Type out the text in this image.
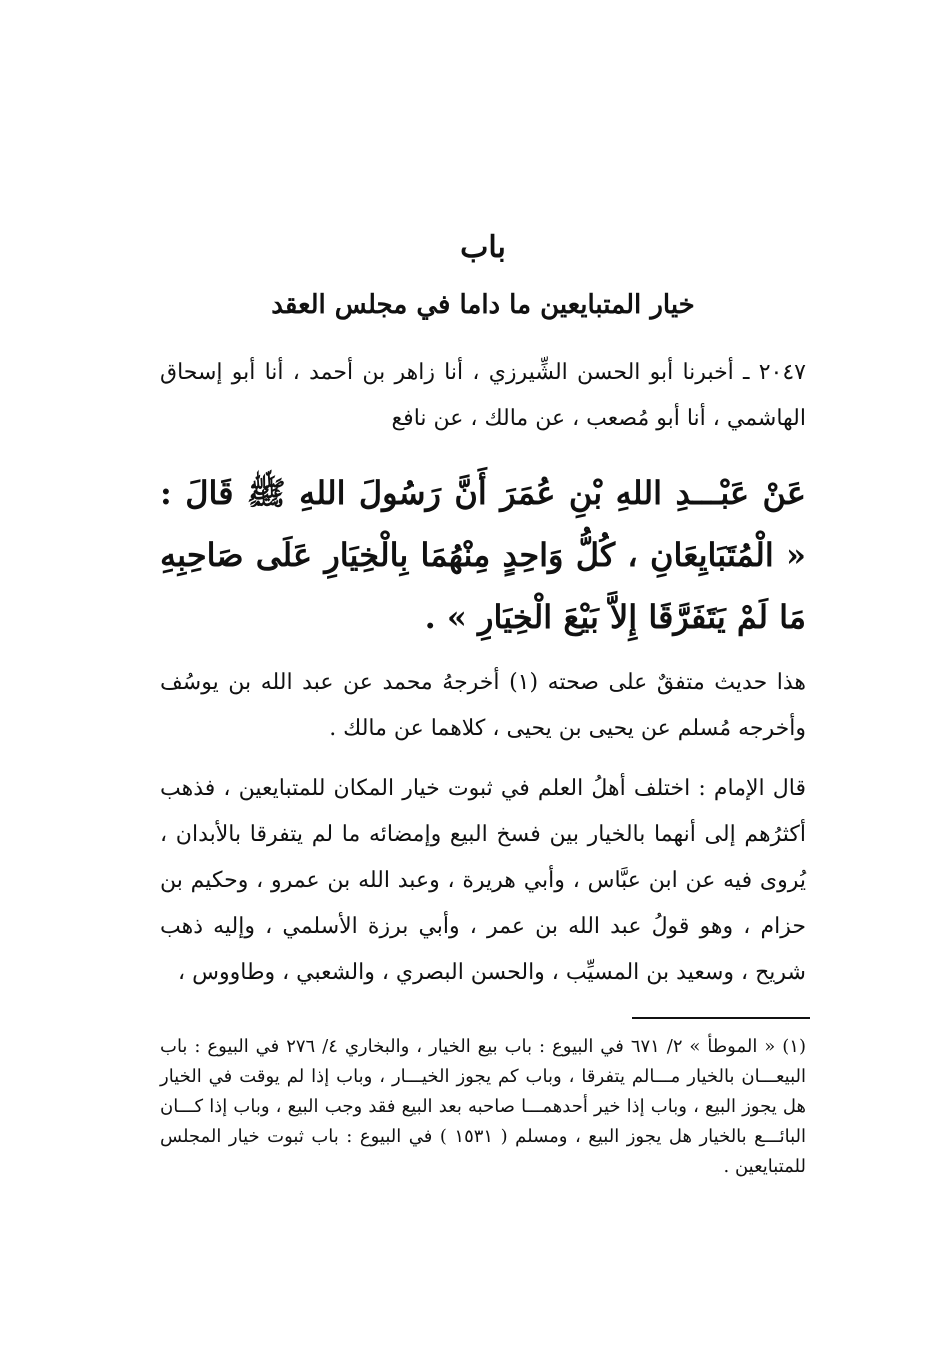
باب
خيار المتبايعين ما داما في مجلس العقد
٢٠٤٧ ـ أخبرنا أبو الحسن الشِّيرزي ، أنا زاهر بن أحمد ، أنا أبو إسحاق الهاشمي ، أنا أبو مُصعب ، عن مالك ، عن نافع
عَنْ عَبْـــدِ اللهِ بْنِ عُمَرَ أَنَّ رَسُولَ اللهِ ﷺ قَالَ : « الْمُتَبَايِعَانِ ، كُلُّ وَاحِدٍ مِنْهُمَا بِالْخِيَارِ عَلَى صَاحِبِهِ مَا لَمْ يَتَفَرَّقَا إِلاَّ بَيْعَ الْخِيَارِ » .
هذا حديث متفقٌ على صحته (١) أخرجهُ محمد عن عبد الله بن يوسُف وأخرجه مُسلم عن يحيى بن يحيى ، كلاهما عن مالك .
قال الإمام : اختلف أهلُ العلم في ثبوت خيار المكان للمتبايعين ، فذهب أكثرُهم إلى أنهما بالخيار بين فسخ البيع وإمضائه ما لم يتفرقا بالأبدان ، يُروى فيه عن ابن عبَّاس ، وأبي هريرة ، وعبد الله بن عمرو ، وحكيم بن حزام ، وهو قولُ عبد الله بن عمر ، وأبي برزة الأسلمي ، وإليه ذهب شريح ، وسعيد بن المسيِّب ، والحسن البصري ، والشعبي ، وطاووس ،
(١) « الموطأ » ٢/ ٦٧١ في البيوع : باب بيع الخيار ، والبخاري ٤/ ٢٧٦ في البيوع : باب البيعـــان بالخيار مـــالم يتفرقا ، وباب كم يجوز الخيـــار ، وباب إذا لم يوقت في الخيار هل يجوز البيع ، وباب إذا خير أحدهمـــا صاحبه بعد البيع فقد وجب البيع ، وباب إذا كـــان البائـــع بالخيار هل يجوز البيع ، ومسلم ( ١٥٣١ ) في البيوع : باب ثبوت خيار المجلس للمتبايعين .
